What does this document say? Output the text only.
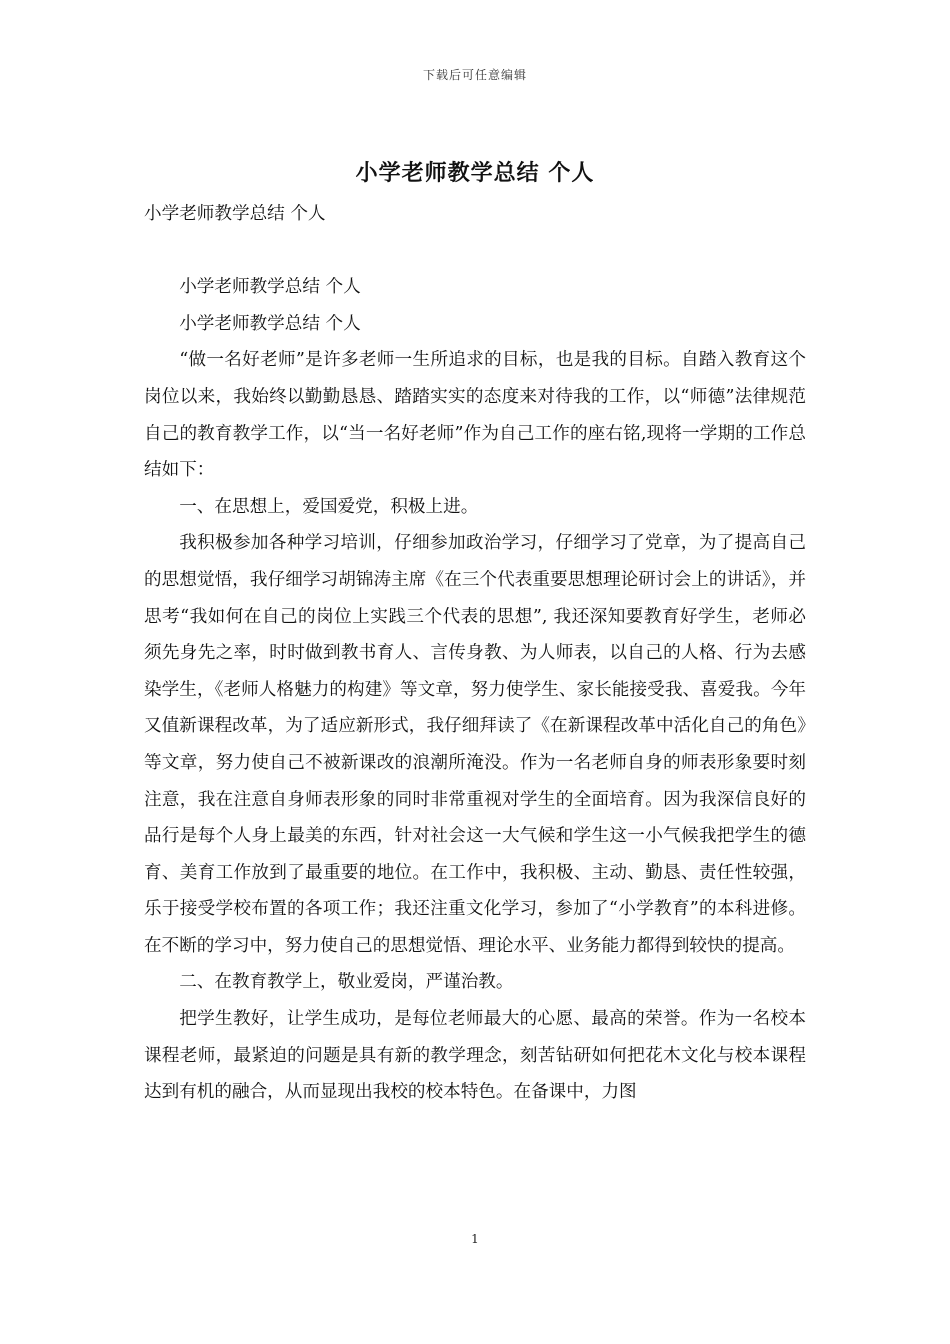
下载后可任意编辑
小学老师教学总结 个人

小学老师教学总结 个人

小学老师教学总结 个人

小学老师教学总结 个人

“做一名好老师”是许多老师一生所追求的目标，也是我的目标。自踏入教育这个岗位以来，我始终以勤勤恳恳、踏踏实实的态度来对待我的工作，以“师德”法律规范自己的教育教学工作，以“当一名好老师”作为自己工作的座右铭,现将一学期的工作总结如下：

一、在思想上，爱国爱党，积极上进。

我积极参加各种学习培训，仔细参加政治学习，仔细学习了党章，为了提高自己的思想觉悟，我仔细学习胡锦涛主席《在三个代表重要思想理论研讨会上的讲话》，并思考“我如何在自己的岗位上实践三个代表的思想”, 我还深知要教育好学生，老师必须先身先之率，时时做到教书育人、言传身教、为人师表，以自己的人格、行为去感染学生，《老师人格魅力的构建》等文章，努力使学生、家长能接受我、喜爱我。今年又值新课程改革，为了适应新形式，我仔细拜读了《在新课程改革中活化自己的角色》等文章，努力使自己不被新课改的浪潮所淹没。作为一名老师自身的师表形象要时刻注意，我在注意自身师表形象的同时非常重视对学生的全面培育。因为我深信良好的品行是每个人身上最美的东西，针对社会这一大气候和学生这一小气候我把学生的德育、美育工作放到了最重要的地位。在工作中，我积极、主动、勤恳、责任性较强，乐于接受学校布置的各项工作；我还注重文化学习，参加了“小学教育”的本科进修。在不断的学习中，努力使自己的思想觉悟、理论水平、业务能力都得到较快的提高。

二、在教育教学上，敬业爱岗，严谨治教。

把学生教好，让学生成功，是每位老师最大的心愿、最高的荣誉。作为一名校本课程老师，最紧迫的问题是具有新的教学理念，刻苦钻研如何把花木文化与校本课程达到有机的融合，从而显现出我校的校本特色。在备课中，力图

1
